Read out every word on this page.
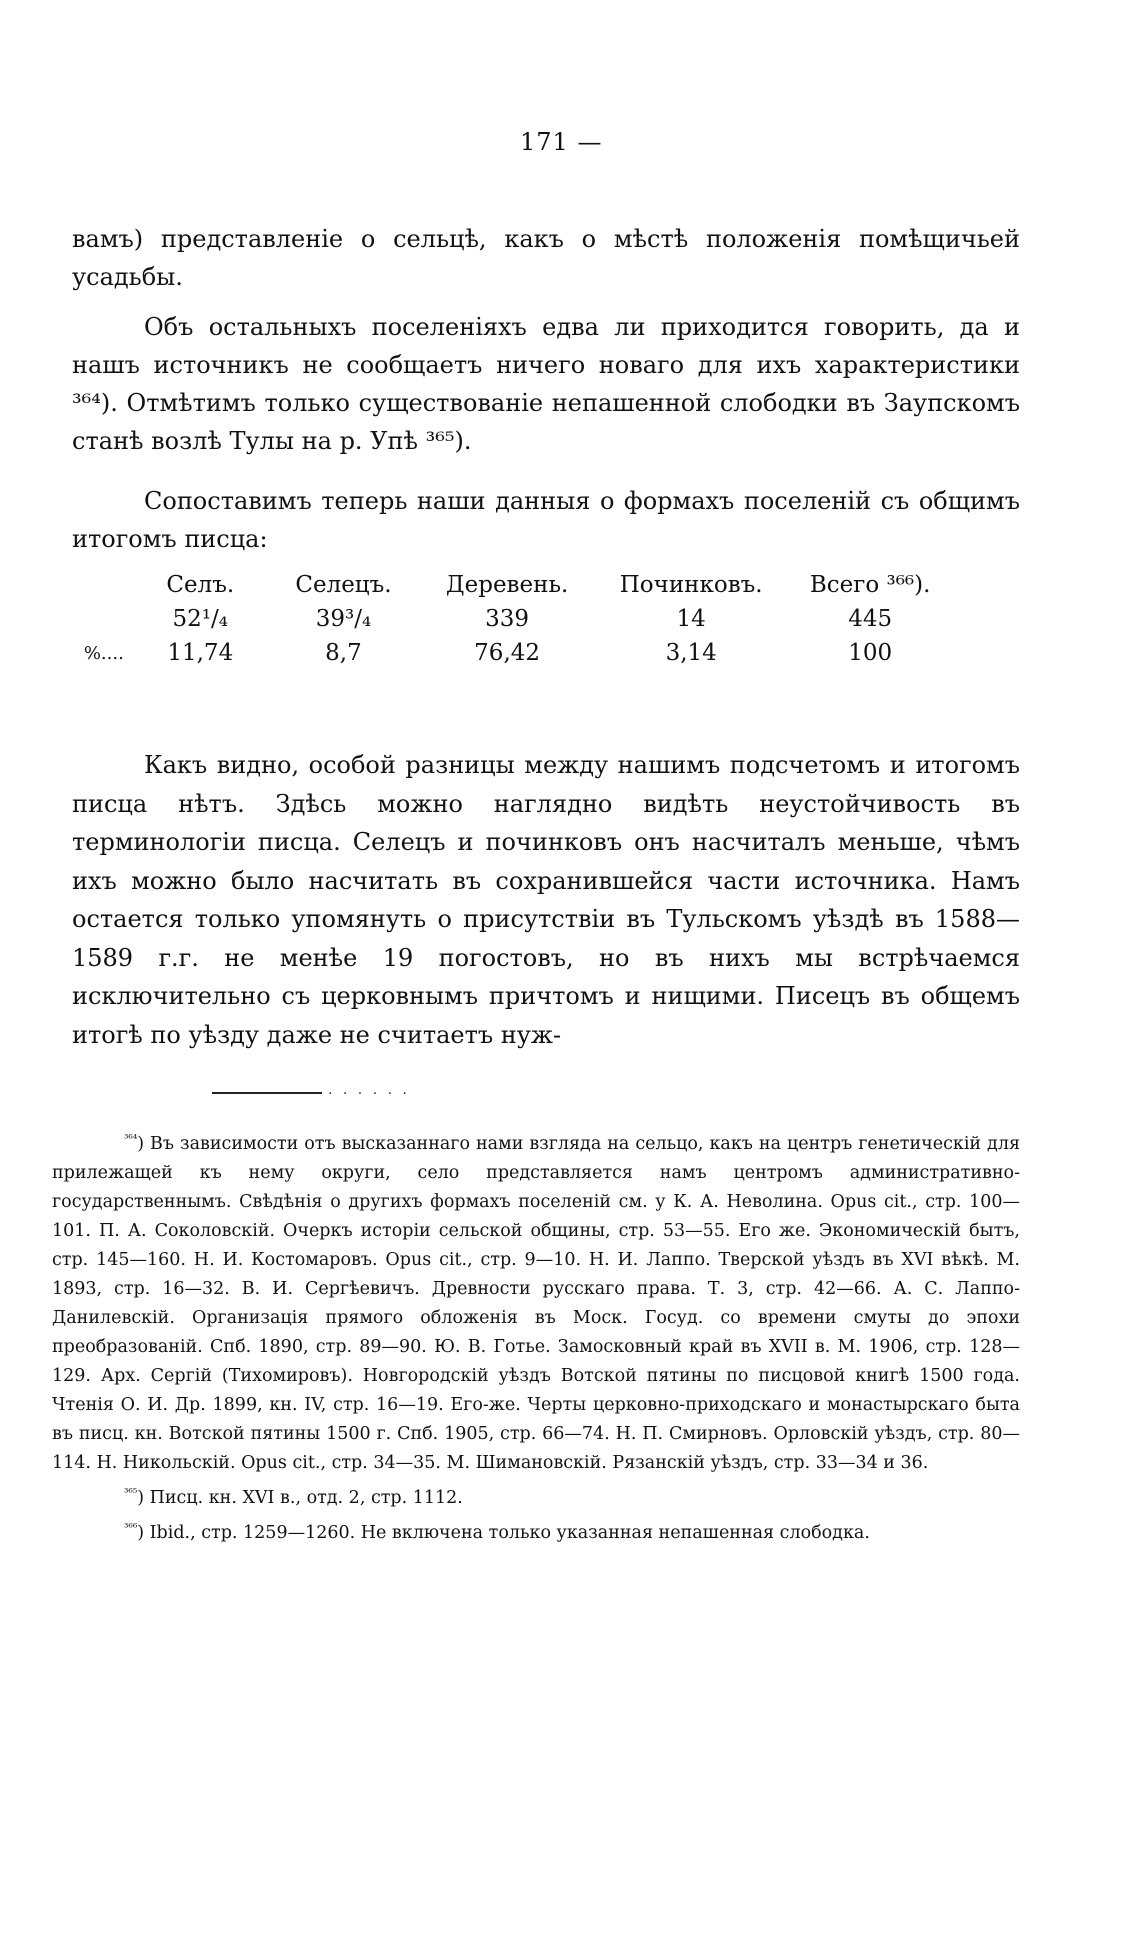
171 —

вамъ) представленіе о сельцѣ, какъ о мѣстѣ положенія помѣщичьей усадьбы.

Объ остальныхъ поселеніяхъ едва ли приходится говорить, да и нашъ источникъ не сообщаетъ ничего новаго для ихъ характеристики ³⁶⁴). Отмѣтимъ только существованіе непашенной слободки въ Заупскомъ станѣ возлѣ Тулы на р. Упѣ ³⁶⁵).

Сопоставимъ теперь наши данныя о формахъ поселеній съ общимъ итогомъ писца:

	Селъ.	Селецъ.	Деревень.	Починковъ.	Всего ³⁶⁶).
	52¹/₄	39³/₄	339	14	445
%....	11,74	8,7	76,42	3,14	100

Какъ видно, особой разницы между нашимъ подсчетомъ и итогомъ писца нѣтъ. Здѣсь можно наглядно видѣть неустойчивость въ терминологіи писца. Селецъ и починковъ онъ насчиталъ меньше, чѣмъ ихъ можно было насчитать въ сохранившейся части источника. Намъ остается только упомянуть о присутствіи въ Тульскомъ уѣздѣ въ 1588—1589 г.г. не менѣе 19 погостовъ, но въ нихъ мы встрѣчаемся исключительно съ церковнымъ причтомъ и нищими. Писецъ въ общемъ итогѣ по уѣзду даже не считаетъ нуж-

. . . . . .

$^{^{364}}$) Въ зависимости отъ высказаннаго нами взгляда на сельцо, какъ на центръ генетическій для прилежащей къ нему округи, село представляется намъ центромъ административно-государственнымъ. Свѣдѣнія о другихъ формахъ поселеній см. у К. А. Неволина. Opus cit., стр. 100—101. П. А. Соколовскій. Очеркъ исторіи сельской общины, стр. 53—55. Его же. Экономическій бытъ, стр. 145—160. Н. И. Костомаровъ. Opus cit., стр. 9—10. Н. И. Лаппо. Тверской уѣздъ въ XVI вѣкѣ. М. 1893, стр. 16—32. В. И. Сергѣевичъ. Древности русскаго права. Т. 3, стр. 42—66. А. С. Лаппо-Данилевскій. Организація прямого обложенія въ Моск. Госуд. со времени смуты до эпохи преобразованій. Спб. 1890, стр. 89—90. Ю. В. Готье. Замосковный край въ XVII в. М. 1906, стр. 128—129. Арх. Сергій (Тихомировъ). Новгородскій уѣздъ Вотской пятины по писцовой книгѣ 1500 года. Чтенія О. И. Др. 1899, кн. IV, стр. 16—19. Его-же. Черты церковно-приходскаго и монастырскаго быта въ писц. кн. Вотской пятины 1500 г. Спб. 1905, стр. 66—74. Н. П. Смирновъ. Орловскій уѣздъ, стр. 80—114. Н. Никольскій. Opus cit., стр. 34—35. М. Шимановскій. Рязанскій уѣздъ, стр. 33—34 и 36.

$^{^{365}}$) Писц. кн. XVI в., отд. 2, стр. 1112.

$^{^{366}}$) Ibid., стр. 1259—1260. Не включена только указанная непашенная слободка.
